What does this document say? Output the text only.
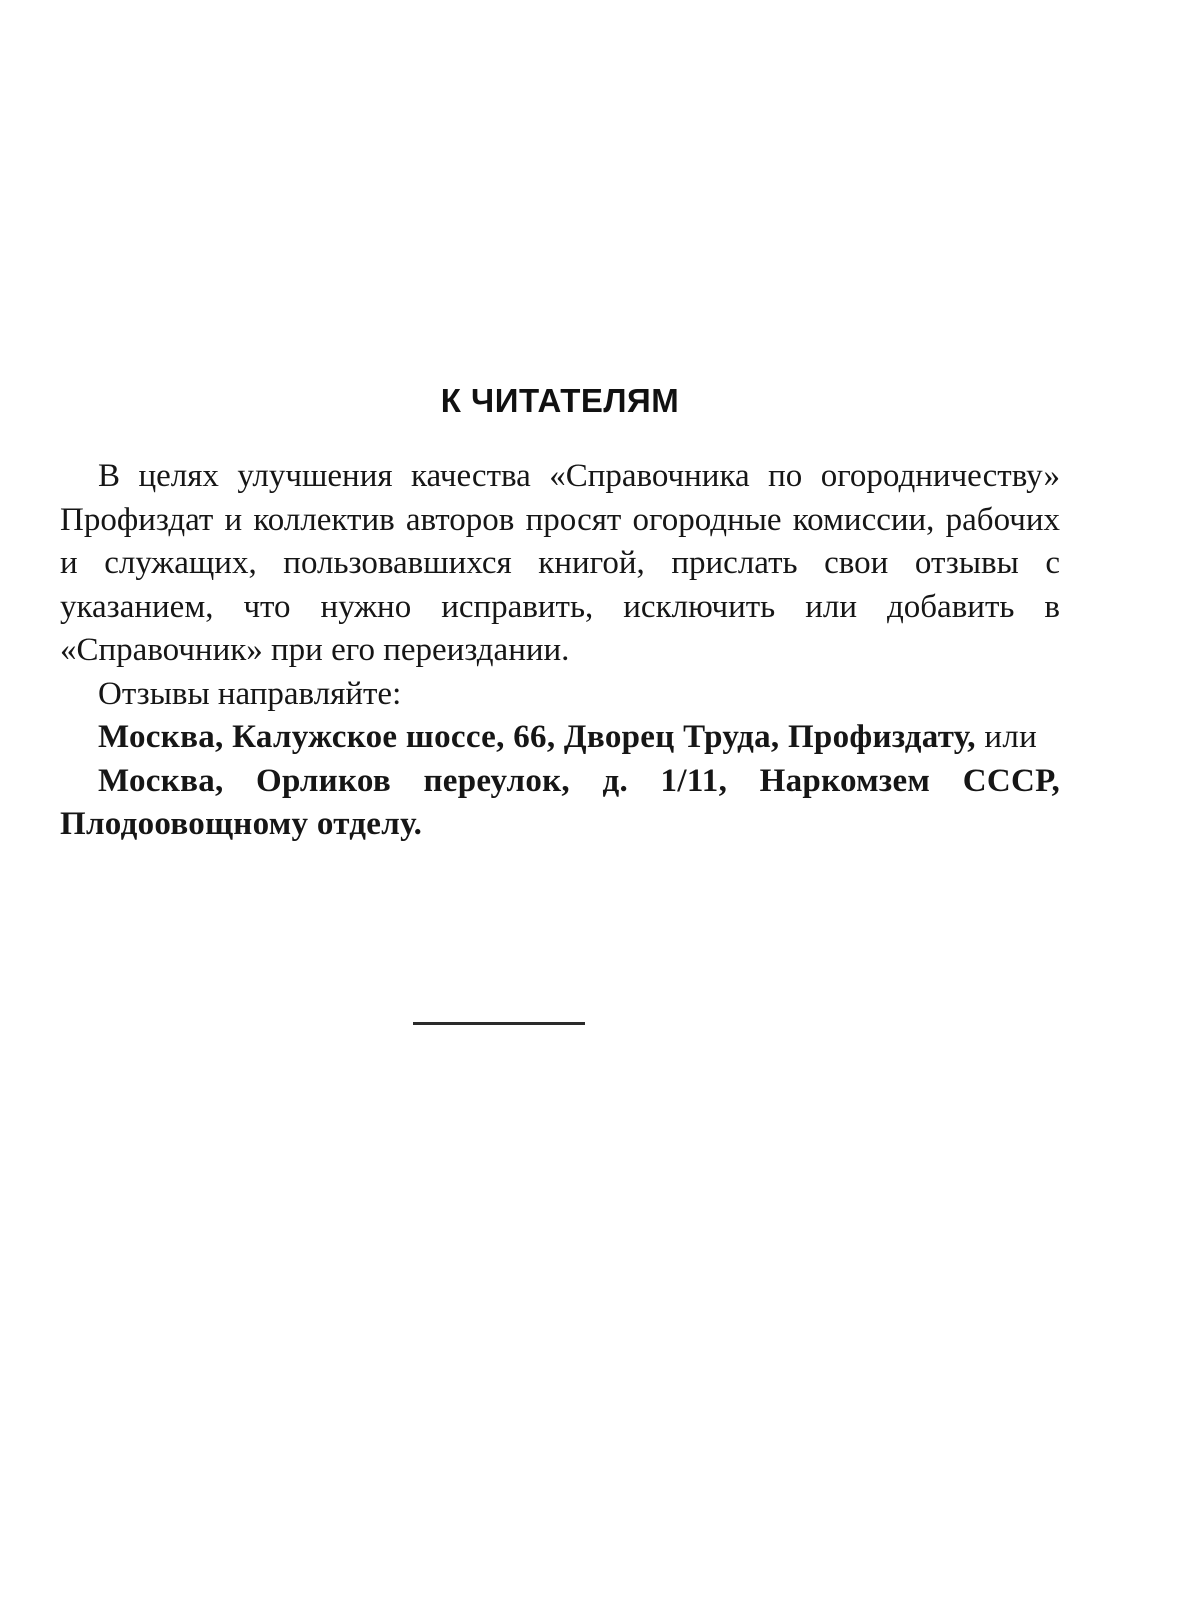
К ЧИТАТЕЛЯМ

В целях улучшения качества «Справочника по огородничеству» Профиздат и коллектив авторов просят огородные комиссии, рабочих и служащих, пользовавшихся книгой, прислать свои отзывы с указанием, что нужно исправить, исключить или добавить в «Справочник» при его переиздании.

Отзывы направляйте:

Москва, Калужское шоссе, 66, Дворец Труда, Профиздату, или

Москва, Орликов переулок, д. 1/11, Наркомзем СССР, Плодоовощному отделу.
